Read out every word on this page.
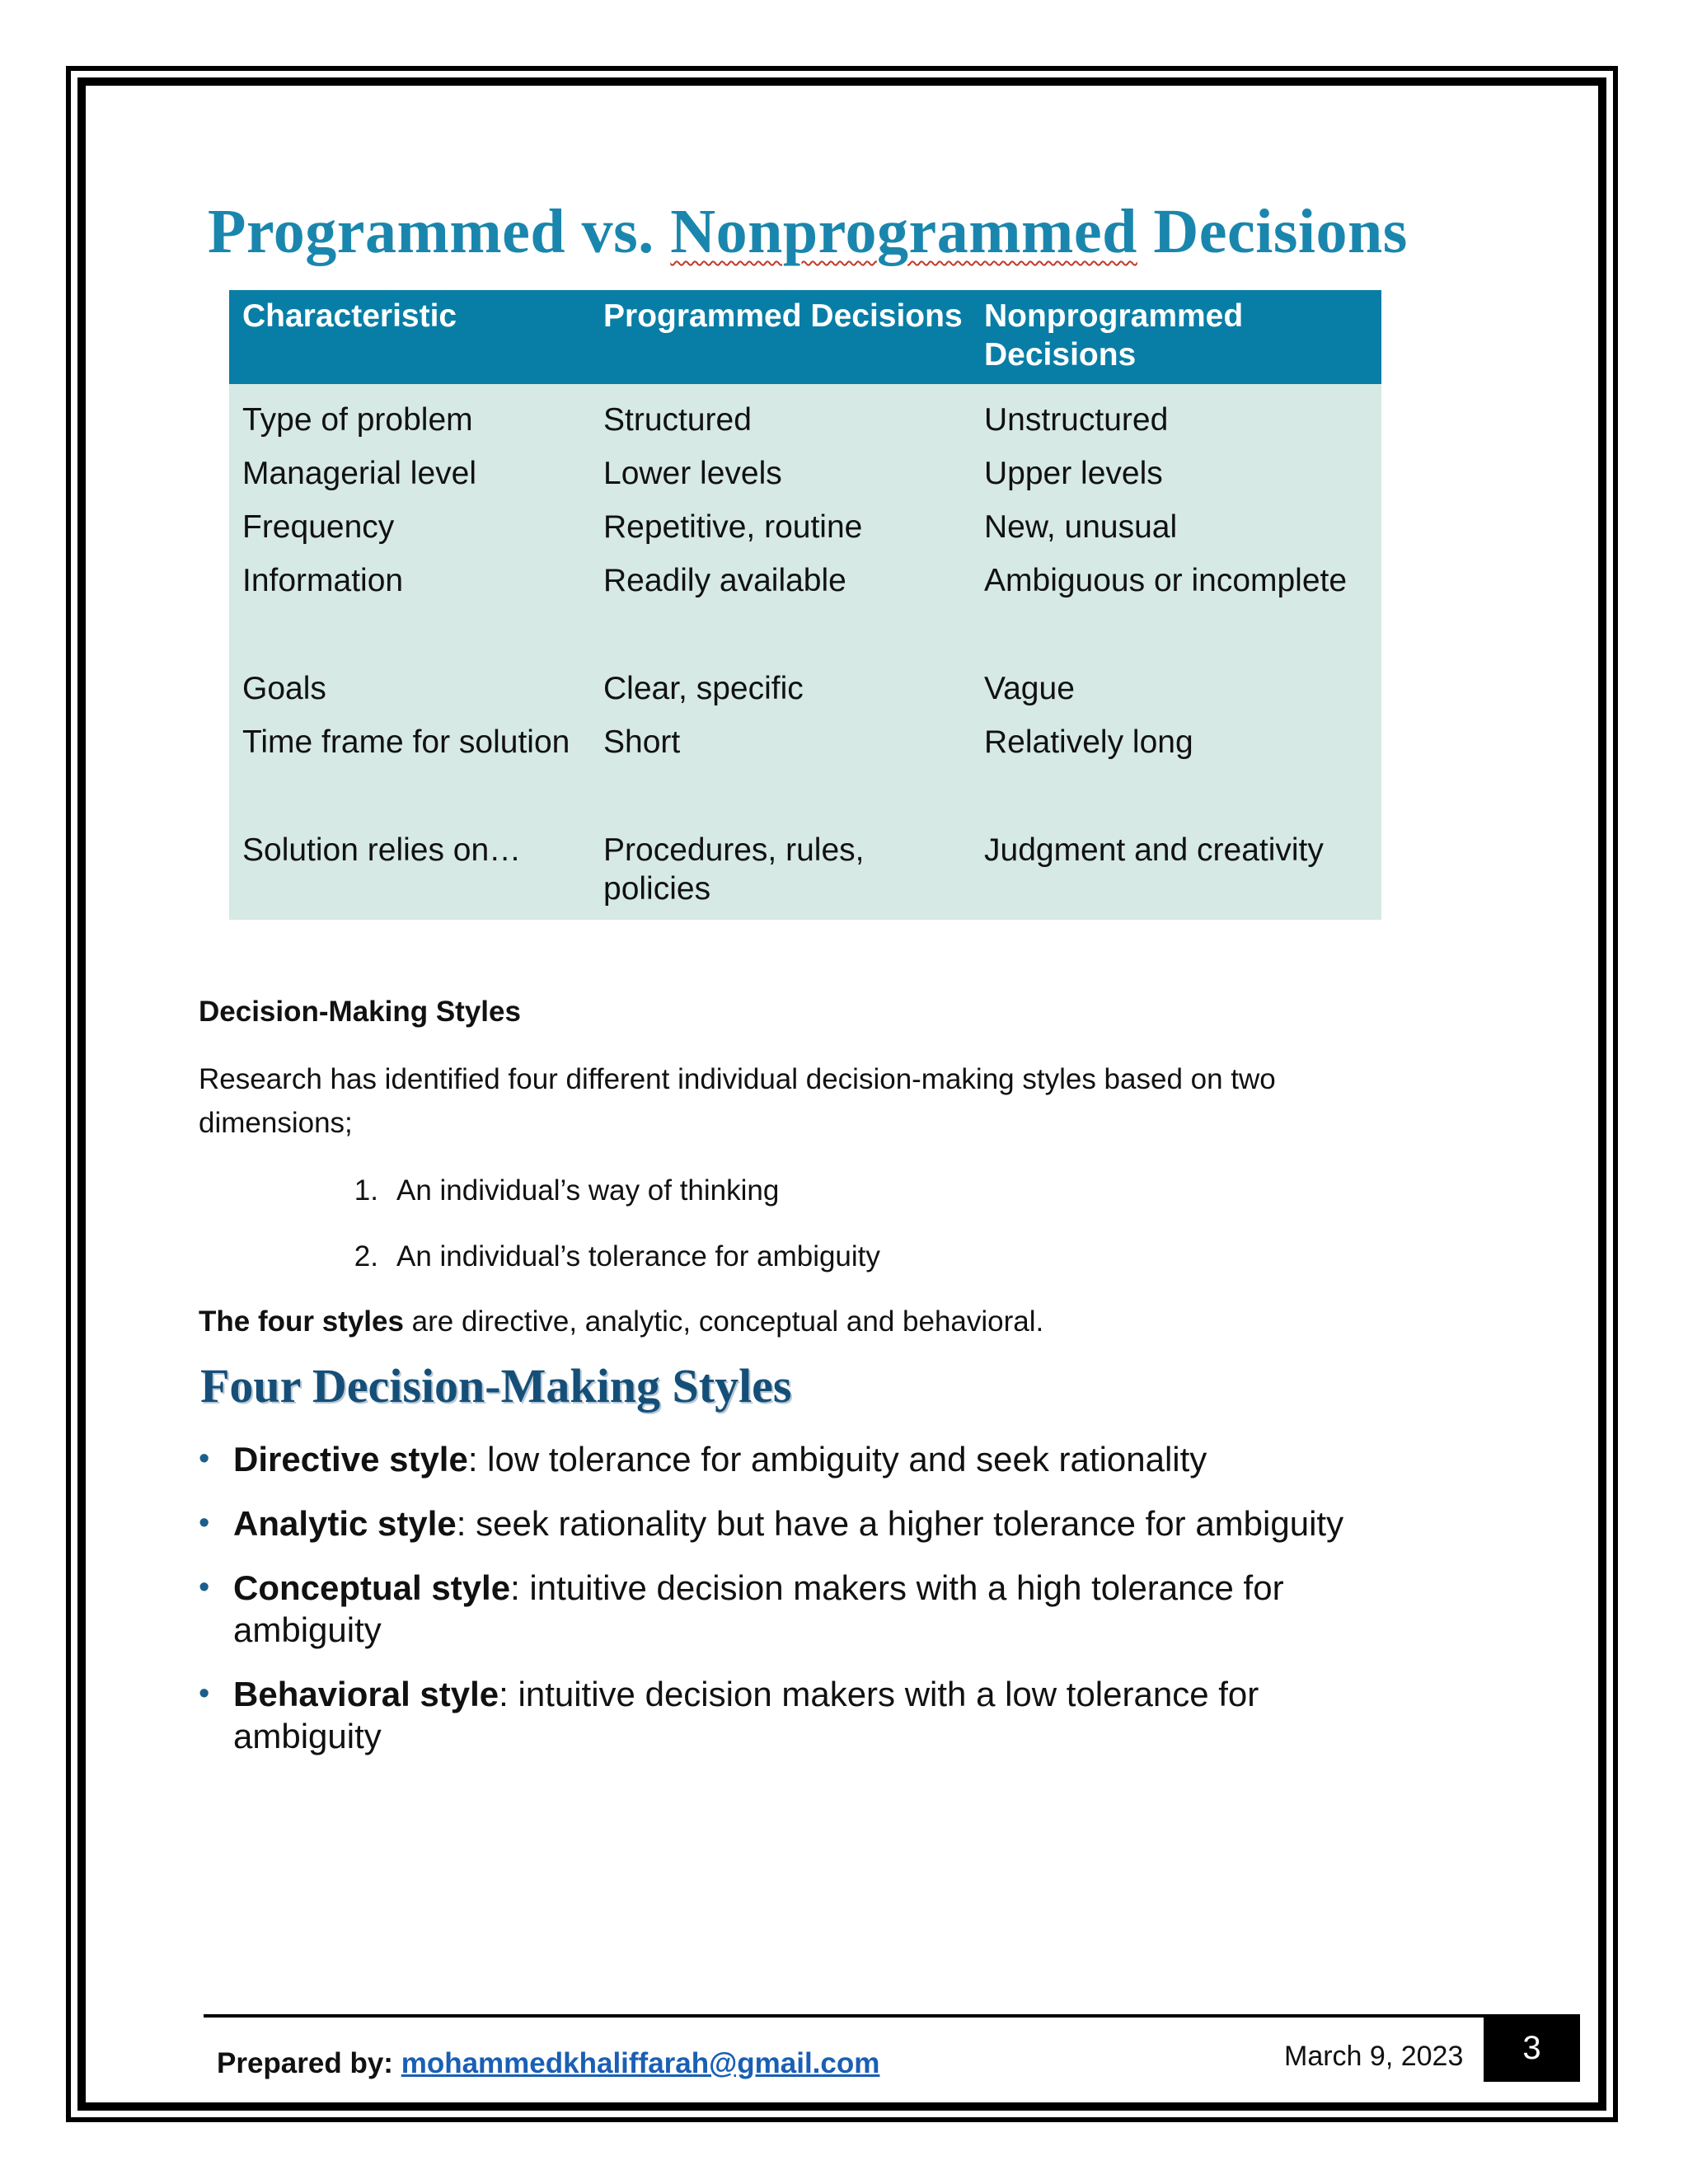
Programmed vs. Nonprogrammed Decisions
Characteristic	Programmed Decisions	Nonprogrammed Decisions
Type of problem	Structured	Unstructured
Managerial level	Lower levels	Upper levels
Frequency	Repetitive, routine	New, unusual
Information	Readily available	Ambiguous or incomplete
Goals	Clear, specific	Vague
Time frame for solution	Short	Relatively long
Solution relies on…	Procedures, rules, policies	Judgment and creativity
Decision-Making Styles

Research has identified four different individual decision-making styles based on two dimensions;

1. An individual’s way of thinking
2. An individual’s tolerance for ambiguity

The four styles are directive, analytic, conceptual and behavioral.

Four Decision-Making Styles
• Directive style: low tolerance for ambiguity and seek rationality
• Analytic style: seek rationality but have a higher tolerance for ambiguity
• Conceptual style: intuitive decision makers with a high tolerance for ambiguity
• Behavioral style: intuitive decision makers with a low tolerance for ambiguity

Prepared by: mohammedkhaliffarah@gmail.com	March 9, 2023	3
